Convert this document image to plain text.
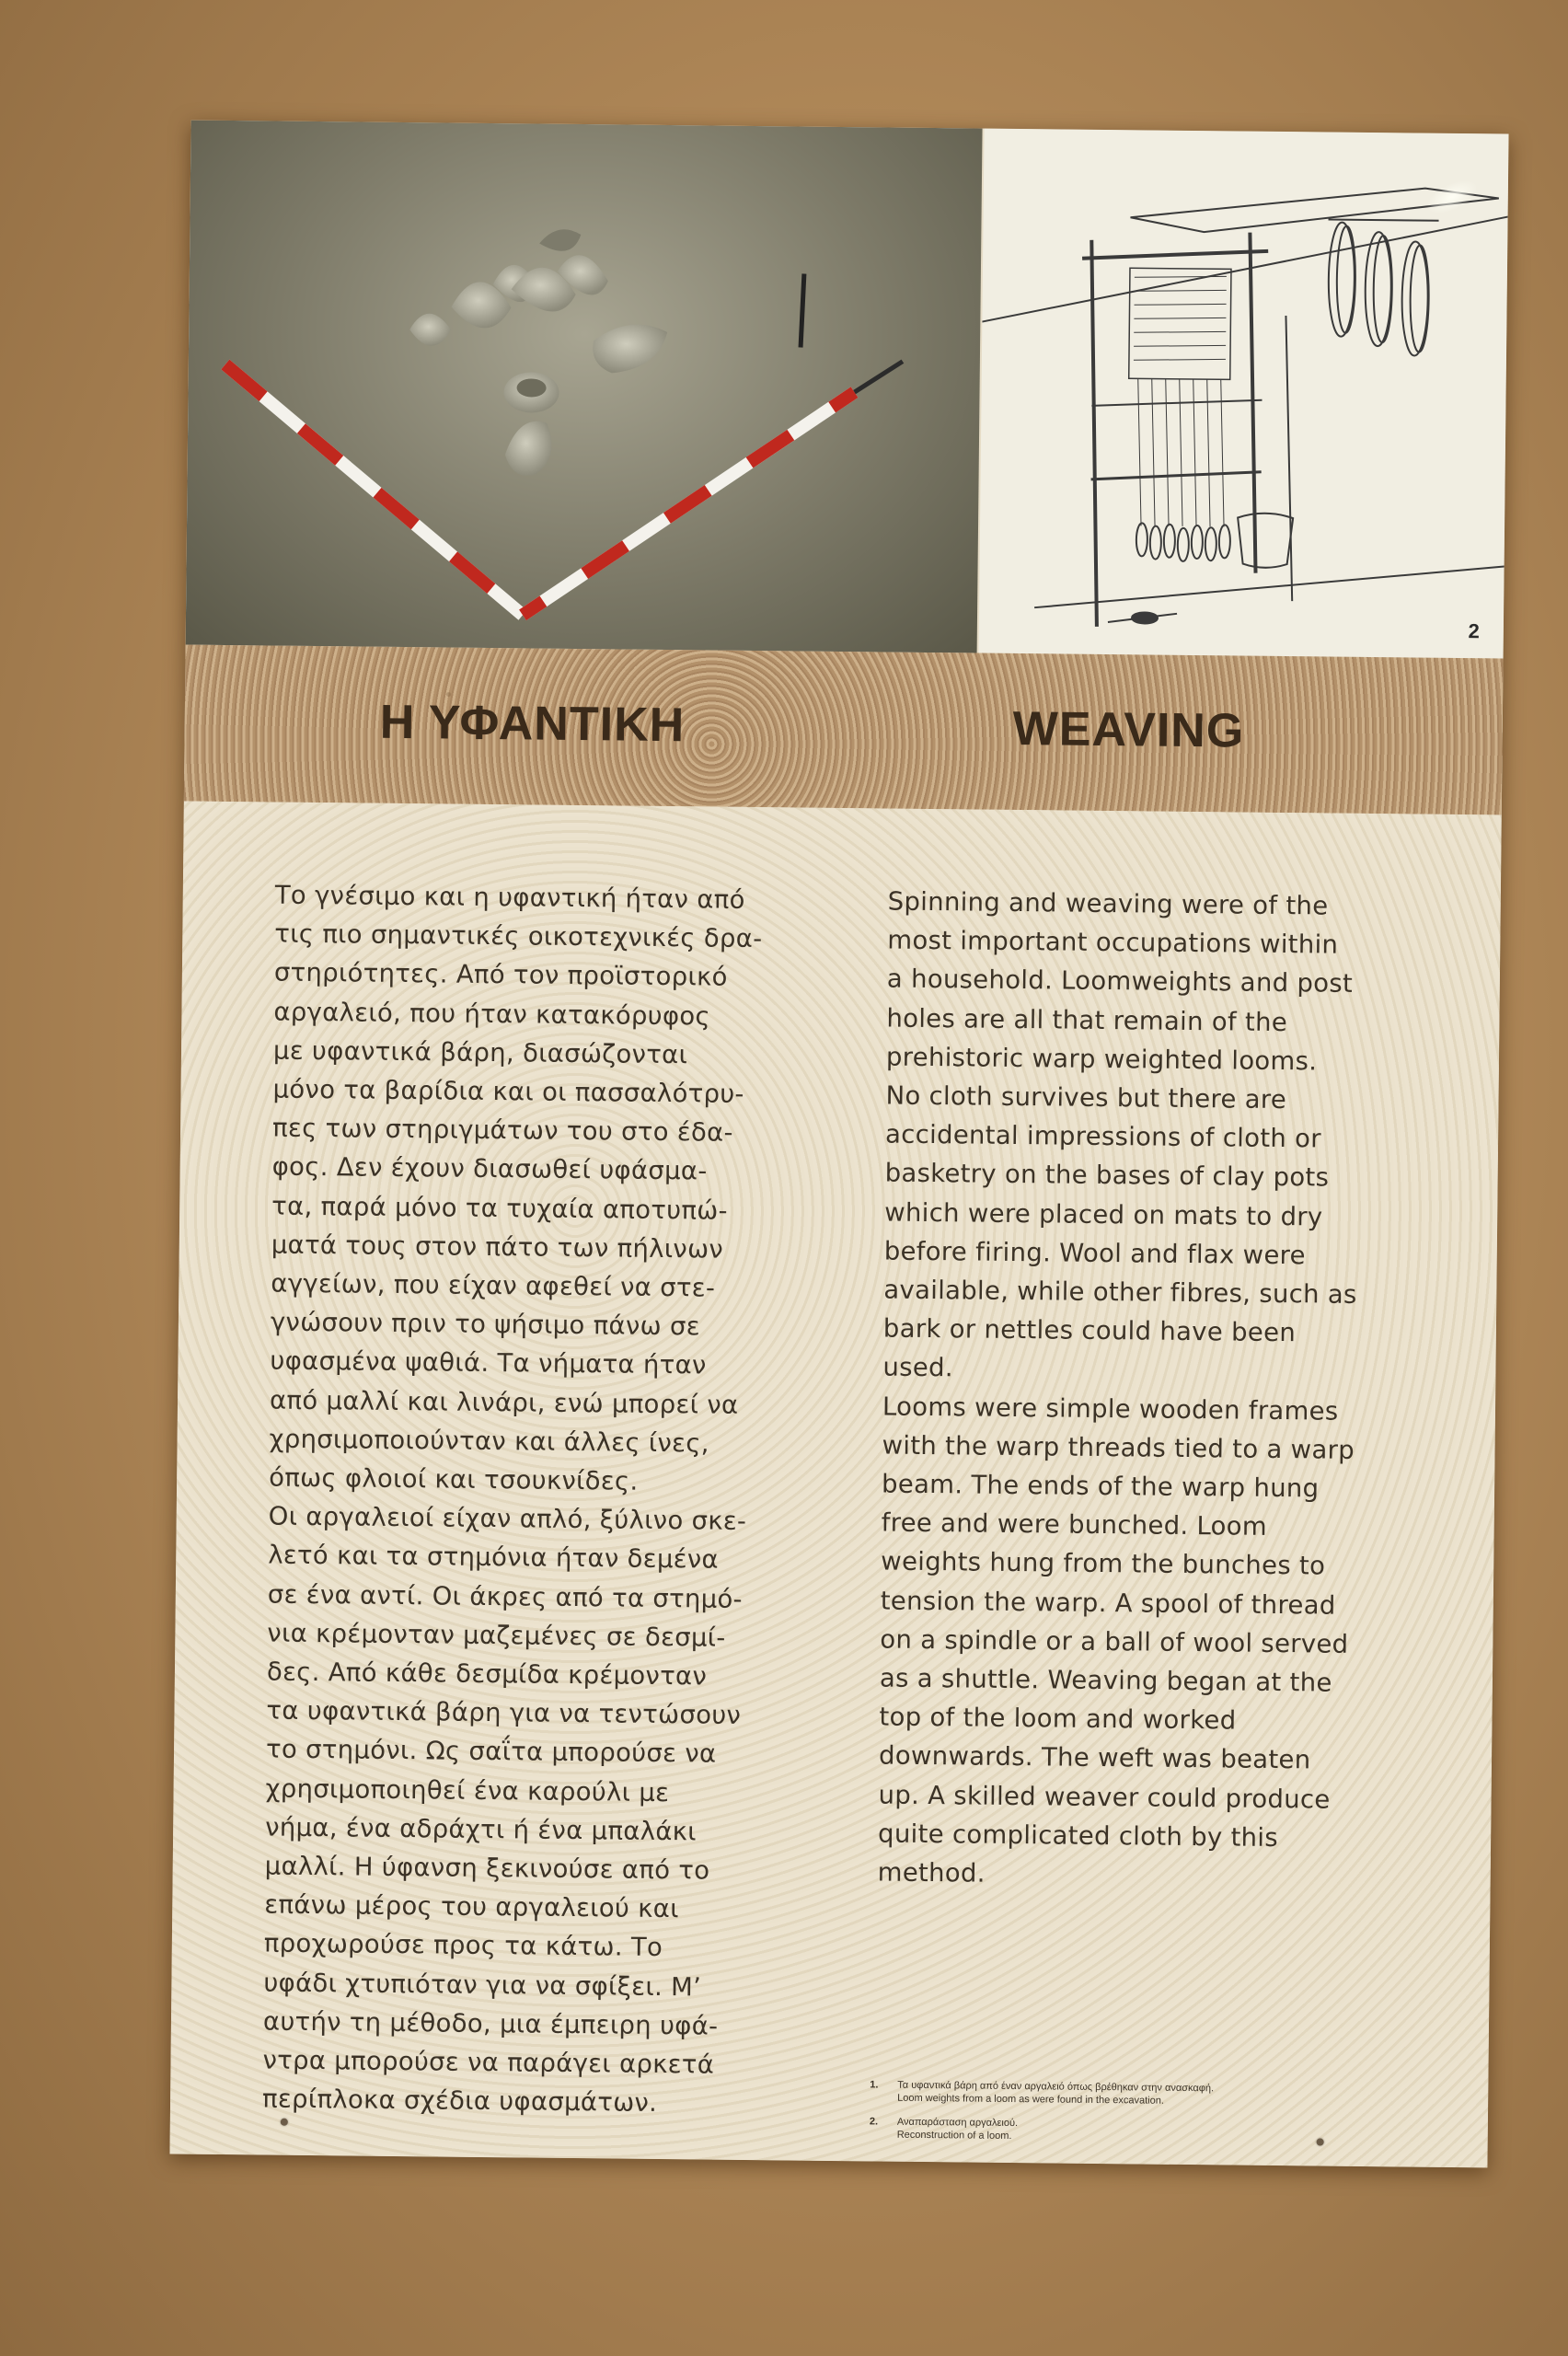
2
Η ΥΦΑΝΤΙΚΗ	WEAVING
Το γνέσιμο και η υφαντική ήταν από
τις πιο σημαντικές οικοτεχνικές δρα-
στηριότητες. Από τον προϊστορικό
αργαλειό, που ήταν κατακόρυφος
με υφαντικά βάρη, διασώζονται
μόνο τα βαρίδια και οι πασσαλότρυ-
πες των στηριγμάτων του στο έδα-
φος. Δεν έχουν διασωθεί υφάσμα-
τα, παρά μόνο τα τυχαία αποτυπώ-
ματά τους στον πάτο των πήλινων
αγγείων, που είχαν αφεθεί να στε-
γνώσουν πριν το ψήσιμο πάνω σε
υφασμένα ψαθιά. Τα νήματα ήταν
από μαλλί και λινάρι, ενώ μπορεί να
χρησιμοποιούνταν και άλλες ίνες,
όπως φλοιοί και τσουκνίδες.
Οι αργαλειοί είχαν απλό, ξύλινο σκε-
λετό και τα στημόνια ήταν δεμένα
σε ένα αντί. Οι άκρες από τα στημό-
νια κρέμονταν μαζεμένες σε δεσμί-
δες. Από κάθε δεσμίδα κρέμονταν
τα υφαντικά βάρη για να τεντώσουν
το στημόνι. Ως σαΐτα μπορούσε να
χρησιμοποιηθεί ένα καρούλι με
νήμα, ένα αδράχτι ή ένα μπαλάκι
μαλλί. Η ύφανση ξεκινούσε από το
επάνω μέρος του αργαλειού και
προχωρούσε προς τα κάτω. Το
υφάδι χτυπιόταν για να σφίξει. Μ’
αυτήν τη μέθοδο, μια έμπειρη υφά-
ντρα μπορούσε να παράγει αρκετά
περίπλοκα σχέδια υφασμάτων.
Spinning and weaving were of the
most important occupations within
a household. Loomweights and post
holes are all that remain of the
prehistoric warp weighted looms.
No cloth survives but there are
accidental impressions of cloth or
basketry on the bases of clay pots
which were placed on mats to dry
before firing. Wool and flax were
available, while other fibres, such as
bark or nettles could have been
used.
Looms were simple wooden frames
with the warp threads tied to a warp
beam. The ends of the warp hung
free and were bunched. Loom
weights hung from the bunches to
tension the warp. A spool of thread
on a spindle or a ball of wool served
as a shuttle. Weaving began at the
top of the loom and worked
downwards. The weft was beaten
up. A skilled weaver could produce
quite complicated cloth by this
method.
1.	Τα υφαντικά βάρη από έναν αργαλειό όπως βρέθηκαν στην ανασκαφή.
Loom weights from a loom as were found in the excavation.
2.	Αναπαράσταση αργαλειού.
Reconstruction of a loom.
